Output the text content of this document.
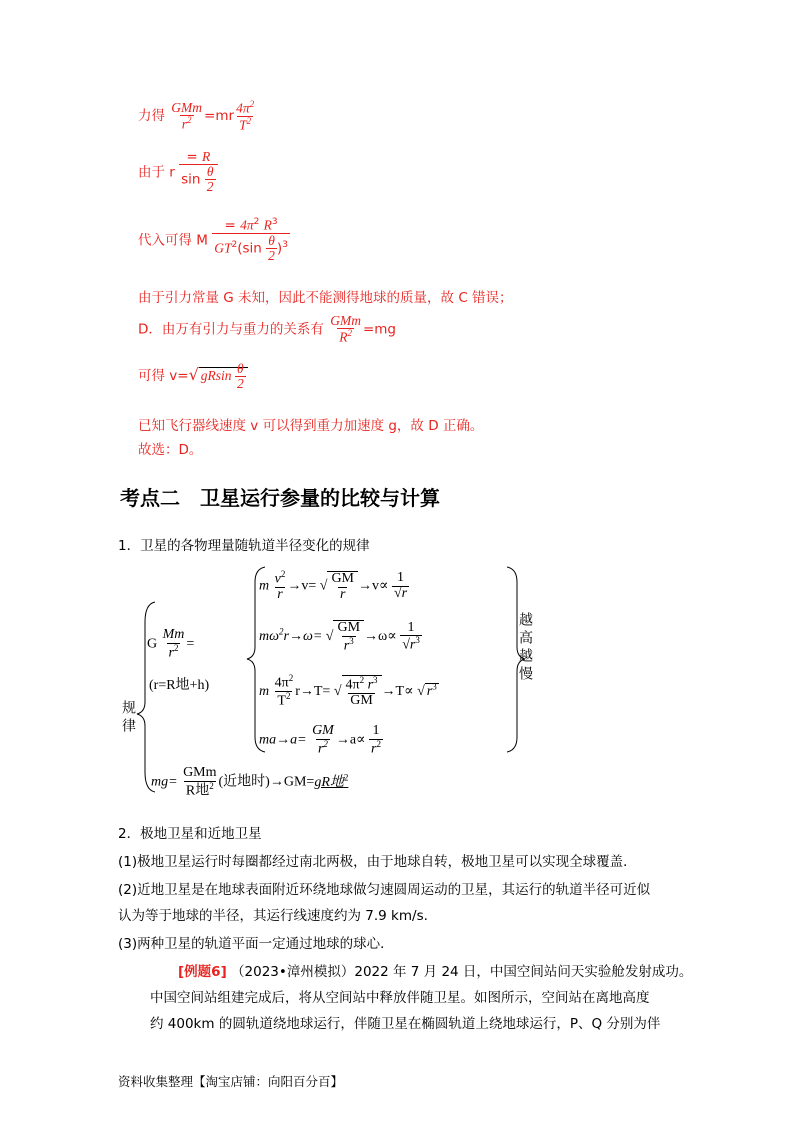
力得 $\frac{\text{GMm}}{r^2} =mr \frac{4\pi^2}{T^2}$
由于 r $\frac{= R}{\sin \frac{\theta}{2}}$
代入可得 M $\frac{= 4\pi^2 R^3}{GT^2(\sin \frac{\theta}{2} )^3}$
由于引力常量 G 未知，因此不能测得地球的质量，故 C 错误；
D．由万有引力与重力的关系有 $\frac{\text{GMm}}{R^2} =mg$
可得 v=√ gRsin $\frac{\theta}{2}$
已知飞行器线速度 v 可以得到重力加速度 g，故 D 正确。
故选：D。
考点二　卫星运行参量的比较与计算
1．卫星的各物理量随轨道半径变化的规律
规律
越高越慢
G $\frac{Mm}{r^2}$ =
(r=R地+h)
m $\frac{v^2}{r} \to v=$ √ $\frac{GM}{r} \to v\propto \frac{1}{√r}$
$m\omega^2r\to\omega=$ √ $\frac{GM}{r^3} \to\omega\propto \frac{1}{√r^3}$
m $\frac{4\pi^2}{T^2} r\to T=$ √ $\frac{4\pi^2 r^3}{GM} \to T\propto$ √ $r^3$
$ma\to a= \frac{GM}{r^2} \to a\propto \frac{1}{r^2}$
$mg= \frac{\text{GMm}}{R地^2}$ (近地时)→GM=gR地$^2$
2．极地卫星和近地卫星
(1)极地卫星运行时每圈都经过南北两极，由于地球自转，极地卫星可以实现全球覆盖．
(2)近地卫星是在地球表面附近环绕地球做匀速圆周运动的卫星，其运行的轨道半径可近似
认为等于地球的半径，其运行线速度约为 7.9 km/s.
(3)两种卫星的轨道平面一定通过地球的球心．
[例题6] （2023•漳州模拟）2022 年 7 月 24 日，中国空间站问天实验舱发射成功。
中国空间站组建完成后，将从空间站中释放伴随卫星。如图所示，空间站在离地高度
约 400km 的圆轨道绕地球运行，伴随卫星在椭圆轨道上绕地球运行，P、Q 分别为伴
资料收集整理【淘宝店铺：向阳百分百】
